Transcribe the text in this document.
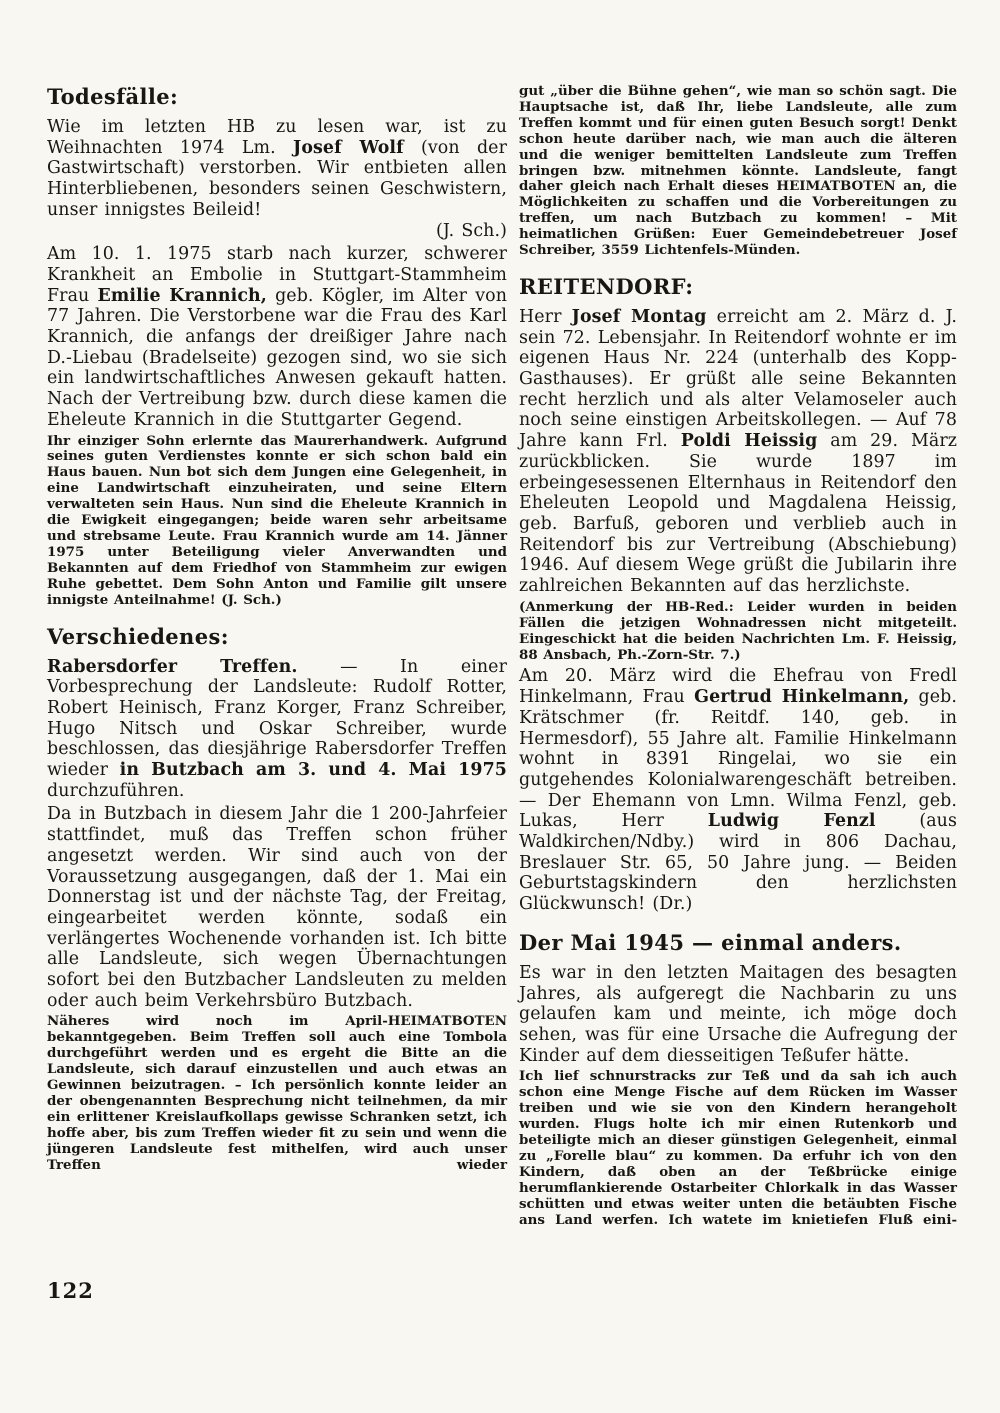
Todesfälle:
Wie im letzten HB zu lesen war, ist zu Weihnachten 1974 Lm. Josef Wolf (von der Gastwirtschaft) verstorben. Wir entbieten allen Hinterbliebenen, besonders seinen Geschwistern, unser innigstes Beileid!
(J. Sch.)
Am 10. 1. 1975 starb nach kurzer, schwerer Krankheit an Embolie in Stuttgart-Stammheim Frau Emilie Krannich, geb. Kögler, im Alter von 77 Jahren. Die Verstorbene war die Frau des Karl Krannich, die anfangs der dreißiger Jahre nach D.-Liebau (Bradelseite) gezogen sind, wo sie sich ein landwirtschaftliches Anwesen gekauft hatten. Nach der Vertreibung bzw. durch diese kamen die Eheleute Krannich in die Stuttgarter Gegend.
Ihr einziger Sohn erlernte das Maurerhandwerk. Aufgrund seines guten Verdienstes konnte er sich schon bald ein Haus bauen. Nun bot sich dem Jungen eine Gelegenheit, in eine Landwirtschaft einzuheiraten, und seine Eltern verwalteten sein Haus. Nun sind die Eheleute Krannich in die Ewigkeit eingegangen; beide waren sehr arbeitsame und strebsame Leute. Frau Krannich wurde am 14. Jänner 1975 unter Beteiligung vieler Anverwandten und Bekannten auf dem Friedhof von Stammheim zur ewigen Ruhe gebettet. Dem Sohn Anton und Familie gilt unsere innigste Anteilnahme! (J. Sch.)
Verschiedenes:
Rabersdorfer Treffen. — In einer Vorbesprechung der Landsleute: Rudolf Rotter, Robert Heinisch, Franz Korger, Franz Schreiber, Hugo Nitsch und Oskar Schreiber, wurde beschlossen, das diesjährige Rabersdorfer Treffen wieder in Butzbach am 3. und 4. Mai 1975 durchzuführen.
Da in Butzbach in diesem Jahr die 1 200-Jahrfeier stattfindet, muß das Treffen schon früher angesetzt werden. Wir sind auch von der Voraussetzung ausgegangen, daß der 1. Mai ein Donnerstag ist und der nächste Tag, der Freitag, eingearbeitet werden könnte, sodaß ein verlängertes Wochenende vorhanden ist. Ich bitte alle Landsleute, sich wegen Übernachtungen sofort bei den Butzbacher Landsleuten zu melden oder auch beim Verkehrsbüro Butzbach.
Näheres wird noch im April-HEIMATBOTEN bekanntgegeben. Beim Treffen soll auch eine Tombola durchgeführt werden und es ergeht die Bitte an die Landsleute, sich darauf einzustellen und auch etwas an Gewinnen beizutragen. – Ich persönlich konnte leider an der obengenannten Besprechung nicht teilnehmen, da mir ein erlittener Kreislaufkollaps gewisse Schranken setzt, ich hoffe aber, bis zum Treffen wieder fit zu sein und wenn die jüngeren Landsleute fest mithelfen, wird auch unser Treffen wieder
gut „über die Bühne gehen“, wie man so schön sagt. Die Hauptsache ist, daß Ihr, liebe Landsleute, alle zum Treffen kommt und für einen guten Besuch sorgt! Denkt schon heute darüber nach, wie man auch die älteren und die weniger bemittelten Landsleute zum Treffen bringen bzw. mitnehmen könnte. Landsleute, fangt daher gleich nach Erhalt dieses HEIMATBOTEN an, die Möglichkeiten zu schaffen und die Vorbereitungen zu treffen, um nach Butzbach zu kommen! – Mit heimatlichen Grüßen: Euer Gemeindebetreuer Josef Schreiber, 3559 Lichtenfels-Münden.
REITENDORF:
Herr Josef Montag erreicht am 2. März d. J. sein 72. Lebensjahr. In Reitendorf wohnte er im eigenen Haus Nr. 224 (unterhalb des Kopp-Gasthauses). Er grüßt alle seine Bekannten recht herzlich und als alter Velamoseler auch noch seine einstigen Arbeitskollegen. — Auf 78 Jahre kann Frl. Poldi Heissig am 29. März zurückblicken. Sie wurde 1897 im erbeingesessenen Elternhaus in Reitendorf den Eheleuten Leopold und Magdalena Heissig, geb. Barfuß, geboren und verblieb auch in Reitendorf bis zur Vertreibung (Abschiebung) 1946. Auf diesem Wege grüßt die Jubilarin ihre zahlreichen Bekannten auf das herzlichste.
(Anmerkung der HB-Red.: Leider wurden in beiden Fällen die jetzigen Wohnadressen nicht mitgeteilt. Eingeschickt hat die beiden Nachrichten Lm. F. Heissig, 88 Ansbach, Ph.-Zorn-Str. 7.)
Am 20. März wird die Ehefrau von Fredl Hinkelmann, Frau Gertrud Hinkelmann, geb. Krätschmer (fr. Reitdf. 140, geb. in Hermesdorf), 55 Jahre alt. Familie Hinkelmann wohnt in 8391 Ringelai, wo sie ein gutgehendes Kolonialwarengeschäft betreiben. — Der Ehemann von Lmn. Wilma Fenzl, geb. Lukas, Herr Ludwig Fenzl (aus Waldkirchen/Ndby.) wird in 806 Dachau, Breslauer Str. 65, 50 Jahre jung. — Beiden Geburtstagskindern den herzlichsten Glückwunsch! (Dr.)
Der Mai 1945 — einmal anders.
Es war in den letzten Maitagen des besagten Jahres, als aufgeregt die Nachbarin zu uns gelaufen kam und meinte, ich möge doch sehen, was für eine Ursache die Aufregung der Kinder auf dem diesseitigen Teßufer hätte.
Ich lief schnurstracks zur Teß und da sah ich auch schon eine Menge Fische auf dem Rücken im Wasser treiben und wie sie von den Kindern herangeholt wurden. Flugs holte ich mir einen Rutenkorb und beteiligte mich an dieser günstigen Gelegenheit, einmal zu „Forelle blau“ zu kommen. Da erfuhr ich von den Kindern, daß oben an der Teßbrücke einige herumflankierende Ostarbeiter Chlorkalk in das Wasser schütten und etwas weiter unten die betäubten Fische ans Land werfen. Ich watete im knietiefen Fluß eini-
122
